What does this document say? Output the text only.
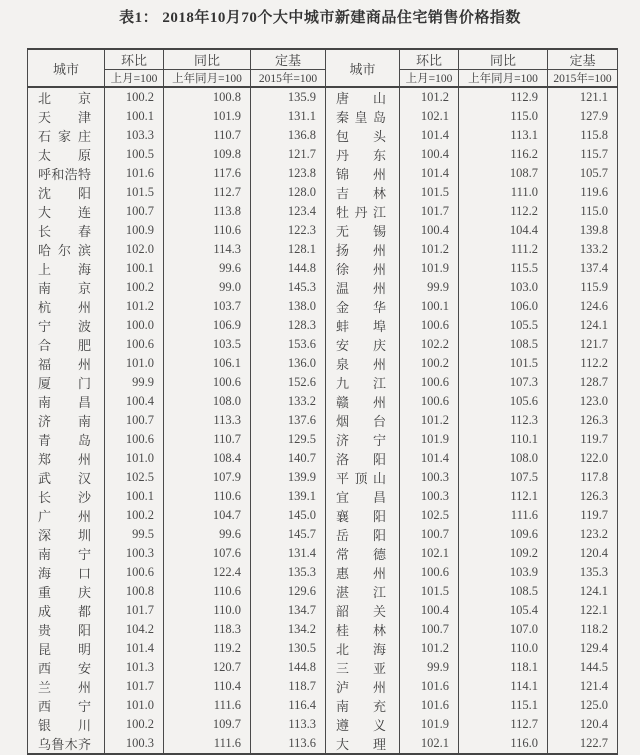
表1： 2018年10月70个大中城市新建商品住宅销售价格指数
城市	环比	同比	定基	城市	环比	同比	定基
	上月=100	上年同月=100	2015年=100		上月=100	上年同月=100	2015年=100

北 京	100.2	100.8	135.9	唐 山	101.2	112.9	121.1

天 津	100.1	101.9	131.1	秦 皇 岛	102.1	115.0	127.9

石 家 庄	103.3	110.7	136.8	包 头	101.4	113.1	115.8

太 原	100.5	109.8	121.7	丹 东	100.4	116.2	115.7

呼 和 浩 特	101.6	117.6	123.8	锦 州	101.4	108.7	105.7

沈 阳	101.5	112.7	128.0	吉 林	101.5	111.0	119.6

大 连	100.7	113.8	123.4	牡 丹 江	101.7	112.2	115.0

长 春	100.9	110.6	122.3	无 锡	100.4	104.4	139.8

哈 尔 滨	102.0	114.3	128.1	扬 州	101.2	111.2	133.2

上 海	100.1	99.6	144.8	徐 州	101.9	115.5	137.4

南 京	100.2	99.0	145.3	温 州	99.9	103.0	115.9

杭 州	101.2	103.7	138.0	金 华	100.1	106.0	124.6

宁 波	100.0	106.9	128.3	蚌 埠	100.6	105.5	124.1

合 肥	100.6	103.5	153.6	安 庆	102.2	108.5	121.7

福 州	101.0	106.1	136.0	泉 州	100.2	101.5	112.2

厦 门	99.9	100.6	152.6	九 江	100.6	107.3	128.7

南 昌	100.4	108.0	133.2	赣 州	100.6	105.6	123.0

济 南	100.7	113.3	137.6	烟 台	101.2	112.3	126.3

青 岛	100.6	110.7	129.5	济 宁	101.9	110.1	119.7

郑 州	101.0	108.4	140.7	洛 阳	101.4	108.0	122.0

武 汉	102.5	107.9	139.9	平 顶 山	100.3	107.5	117.8

长 沙	100.1	110.6	139.1	宜 昌	100.3	112.1	126.3

广 州	100.2	104.7	145.0	襄 阳	102.5	111.6	119.7

深 圳	99.5	99.6	145.7	岳 阳	100.7	109.6	123.2

南 宁	100.3	107.6	131.4	常 德	102.1	109.2	120.4

海 口	100.6	122.4	135.3	惠 州	100.6	103.9	135.3

重 庆	100.8	110.6	129.6	湛 江	101.5	108.5	124.1

成 都	101.7	110.0	134.7	韶 关	100.4	105.4	122.1

贵 阳	104.2	118.3	134.2	桂 林	100.7	107.0	118.2

昆 明	101.4	119.2	130.5	北 海	101.2	110.0	129.4

西 安	101.3	120.7	144.8	三 亚	99.9	118.1	144.5

兰 州	101.7	110.4	118.7	泸 州	101.6	114.1	121.4

西 宁	101.0	111.6	116.4	南 充	101.6	115.1	125.0

银 川	100.2	109.7	113.3	遵 义	101.9	112.7	120.4

乌 鲁 木 齐	100.3	111.6	113.6	大 理	102.1	116.0	122.7
